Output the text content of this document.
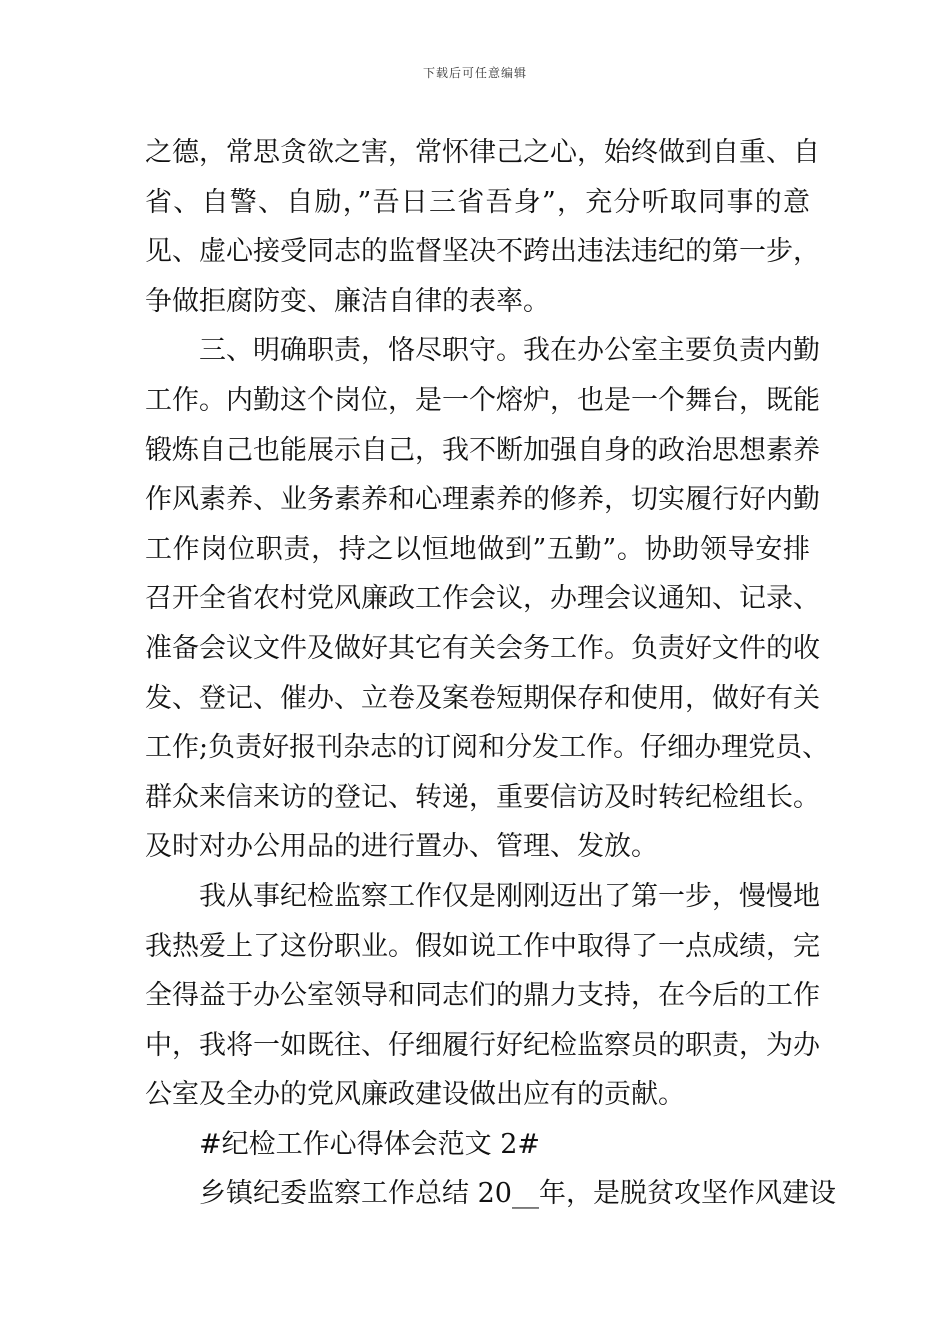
下载后可任意编辑
之德，常思贪欲之害，常怀律己之心，始终做到自重、自
省、自警、自励，”吾日三省吾身”，充分听取同事的意
见、虚心接受同志的监督坚决不跨出违法违纪的第一步，
争做拒腐防变、廉洁自律的表率。
三、明确职责，恪尽职守。我在办公室主要负责内勤
工作。内勤这个岗位，是一个熔炉，也是一个舞台，既能
锻炼自己也能展示自己，我不断加强自身的政治思想素养
作风素养、业务素养和心理素养的修养，切实履行好内勤
工作岗位职责，持之以恒地做到”五勤”。协助领导安排
召开全省农村党风廉政工作会议，办理会议通知、记录、
准备会议文件及做好其它有关会务工作。负责好文件的收
发、登记、催办、立卷及案卷短期保存和使用，做好有关
工作;负责好报刊杂志的订阅和分发工作。仔细办理党员、
群众来信来访的登记、转递，重要信访及时转纪检组长。
及时对办公用品的进行置办、管理、发放。
我从事纪检监察工作仅是刚刚迈出了第一步，慢慢地
我热爱上了这份职业。假如说工作中取得了一点成绩，完
全得益于办公室领导和同志们的鼎力支持，在今后的工作
中，我将一如既往、仔细履行好纪检监察员的职责，为办
公室及全办的党风廉政建设做出应有的贡献。
#纪检工作心得体会范文 2#
乡镇纪委监察工作总结 20__年，是脱贫攻坚作风建设
